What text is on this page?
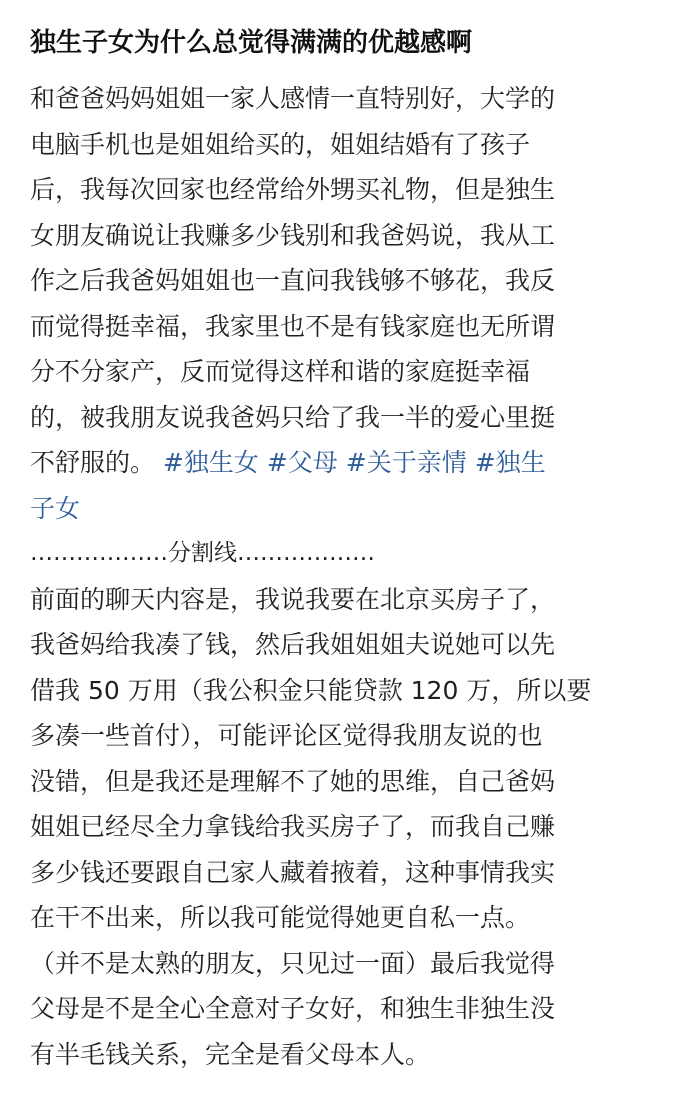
独生子女为什么总觉得满满的优越感啊
和爸爸妈妈姐姐一家人感情一直特别好，大学的
电脑手机也是姐姐给买的，姐姐结婚有了孩子
后，我每次回家也经常给外甥买礼物，但是独生
女朋友确说让我赚多少钱别和我爸妈说，我从工
作之后我爸妈姐姐也一直问我钱够不够花，我反
而觉得挺幸福，我家里也不是有钱家庭也无所谓
分不分家产，反而觉得这样和谐的家庭挺幸福
的，被我朋友说我爸妈只给了我一半的爱心里挺
不舒服的。 #独生女 #父母 #关于亲情 #独生
子女
………………分割线………………
前面的聊天内容是，我说我要在北京买房子了，
我爸妈给我凑了钱，然后我姐姐姐夫说她可以先
借我 50 万用（我公积金只能贷款 120 万，所以要
多凑一些首付），可能评论区觉得我朋友说的也
没错，但是我还是理解不了她的思维，自己爸妈
姐姐已经尽全力拿钱给我买房子了，而我自己赚
多少钱还要跟自己家人藏着掖着，这种事情我实
在干不出来，所以我可能觉得她更自私一点。
（并不是太熟的朋友，只见过一面）最后我觉得
父母是不是全心全意对子女好，和独生非独生没
有半毛钱关系，完全是看父母本人。
